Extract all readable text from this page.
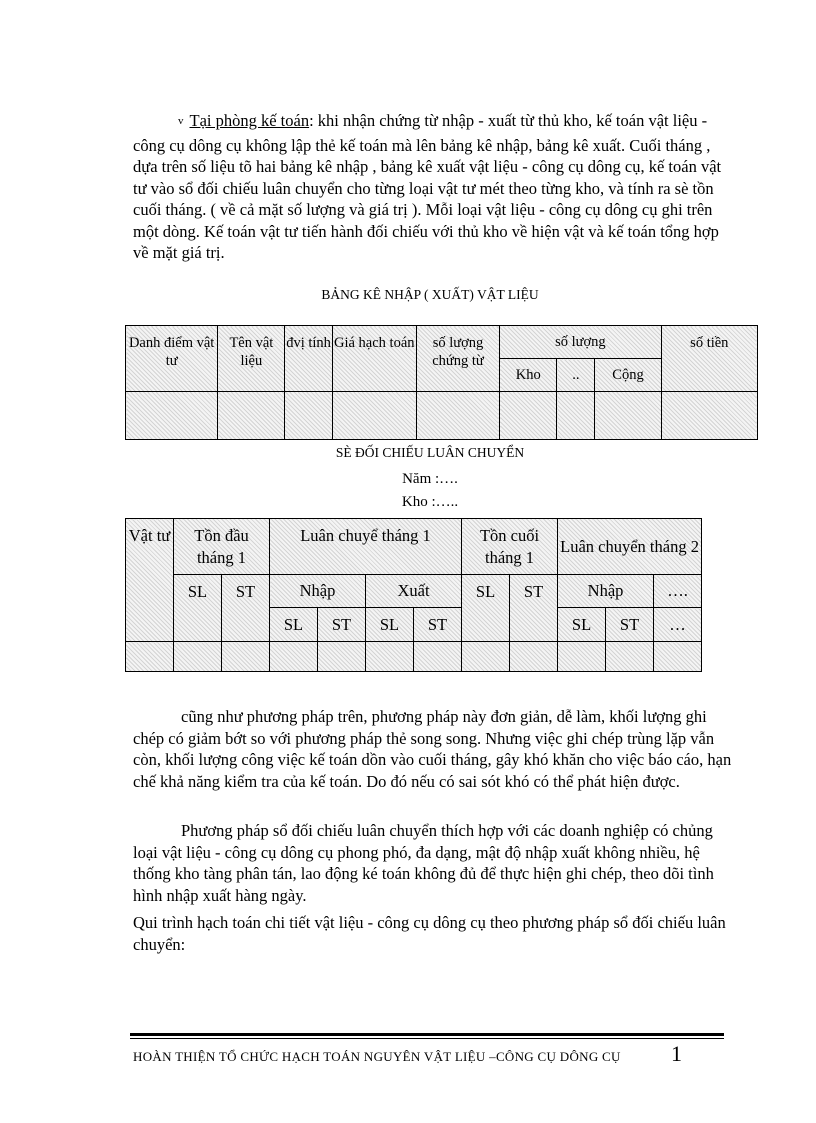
v Tại phòng kế toán: khi nhận chứng từ nhập - xuất từ thủ kho, kế toán vật liệu - công cụ dông cụ không lập thẻ kế toán mà lên bảng kê nhập, bảng kê xuất. Cuối tháng , dựa trên số liệu tõ hai bảng kê nhập , bảng kê xuất vật liệu - công cụ dông cụ, kế toán vật tư vào sổ đối chiếu luân chuyển cho từng loại vật tư mét theo từng kho, và tính ra sè tồn cuối tháng. ( về cả mặt số lượng và giá trị ). Mỗi loại vật liệu - công cụ dông cụ ghi trên một dòng. Kế toán vật tư tiến hành đối chiếu với thủ kho về hiện vật và kế toán tổng hợp về mặt giá trị.

BẢNG KÊ NHẬP ( XUẤT) VẬT LIỆU

Danh điểm vật tư	Tên vật liệu	đvị tính	Giá hạch toán	số lượng chứng từ	số lượng			số tiền
					Kho	..	Cộng	

SÈ ĐỐI CHIẾU LUÂN CHUYỂN

Năm :….

Kho :…..

Vật tư	Tồn đầu tháng 1		Luân chuyể tháng 1				Tồn cuối tháng 1		Luân chuyển tháng 2		
	SL	ST	Nhập		Xuất		SL	ST	Nhập		….
			SL	ST	SL	ST			SL	ST	…

cũng như phương pháp trên, phương pháp này đơn giản, dễ làm, khối lượng ghi chép có giảm bớt so với phương pháp thẻ song song. Nhưng việc ghi chép trùng lặp vẫn còn, khối lượng công việc kế toán dồn vào cuối tháng, gây khó khăn cho việc báo cáo, hạn chế khả năng kiểm tra của kế toán. Do đó nếu có sai sót khó có thể phát hiện được.

Phương pháp sổ đối chiếu luân chuyển thích hợp với các doanh nghiệp có chủng loại vật liệu - công cụ dông cụ phong phó, đa dạng, mật độ nhập xuất không nhiều, hệ thống kho tàng phân tán, lao động ké toán không đủ để thực hiện ghi chép, theo dõi tình hình nhập xuất hàng ngày.

Qui trình hạch toán chi tiết vật liệu - công cụ dông cụ theo phương pháp sổ đối chiếu luân chuyển:

HOÀN THIỆN TỔ CHỨC HẠCH TOÁN NGUYÊN VẬT LIỆU –CÔNG CỤ DÔNG CỤ 1
